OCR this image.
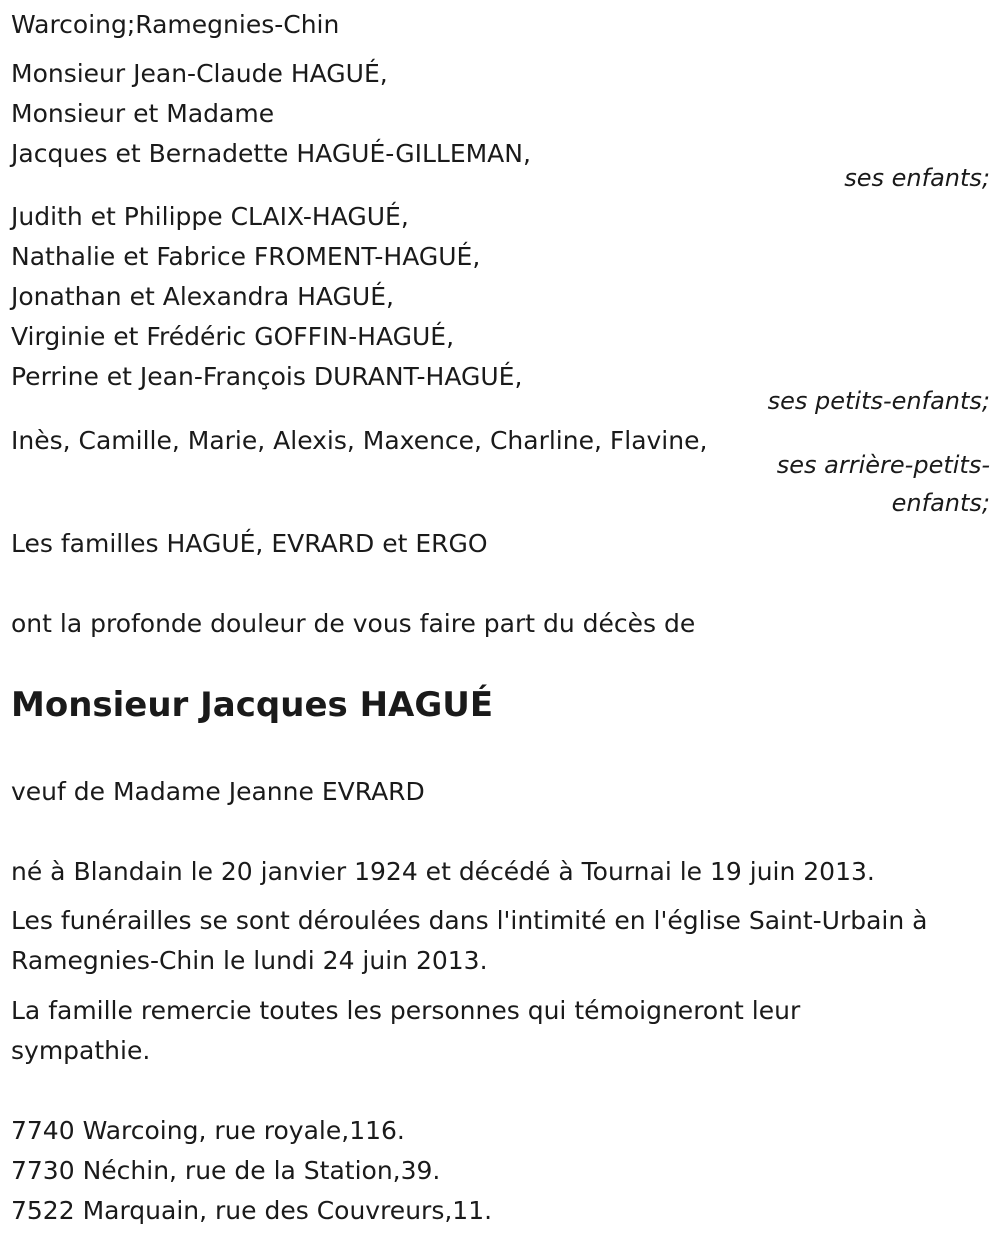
Warcoing;Ramegnies-Chin
Monsieur Jean-Claude HAGUÉ,
Monsieur et Madame
Jacques et Bernadette HAGUÉ-GILLEMAN,
ses enfants;
Judith et Philippe CLAIX-HAGUÉ,
Nathalie et Fabrice FROMENT-HAGUÉ,
Jonathan et Alexandra HAGUÉ,
Virginie et Frédéric GOFFIN-HAGUÉ,
Perrine et Jean-François DURANT-HAGUÉ,
ses petits-enfants;
Inès, Camille, Marie, Alexis, Maxence, Charline, Flavine,
ses arrière-petits-
enfants;
Les familles HAGUÉ, EVRARD et ERGO
ont la profonde douleur de vous faire part du décès de
Monsieur Jacques HAGUÉ
veuf de Madame Jeanne EVRARD
né à Blandain le 20 janvier 1924 et décédé à Tournai le 19 juin 2013.
Les funérailles se sont déroulées dans l'intimité en l'église Saint-Urbain à
Ramegnies-Chin le lundi 24 juin 2013.
La famille remercie toutes les personnes qui témoigneront leur
sympathie.
7740 Warcoing, rue royale,116.
7730 Néchin, rue de la Station,39.
7522 Marquain, rue des Couvreurs,11.
